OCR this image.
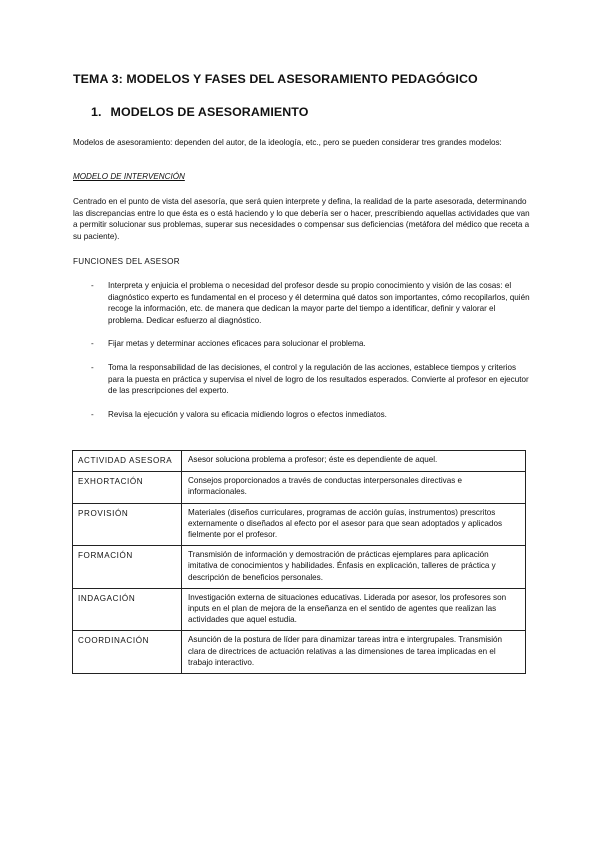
TEMA 3: MODELOS Y FASES DEL ASESORAMIENTO PEDAGÓGICO
1. MODELOS DE ASESORAMIENTO
Modelos de asesoramiento: dependen del autor, de la ideología, etc., pero se pueden considerar tres grandes modelos:
MODELO DE INTERVENCIÓN
Centrado en el punto de vista del asesoría, que será quien interprete y defina, la realidad de la parte asesorada, determinando las discrepancias entre lo que ésta es o está haciendo y lo que debería ser o hacer, prescribiendo aquellas actividades que van a permitir solucionar sus problemas, superar sus necesidades o compensar sus deficiencias (metáfora del médico que receta a su paciente).
FUNCIONES DEL ASESOR
- Interpreta y enjuicia el problema o necesidad del profesor desde su propio conocimiento y visión de las cosas: el diagnóstico experto es fundamental en el proceso y él determina qué datos son importantes, cómo recopilarlos, quién recoge la información, etc. de manera que dedican la mayor parte del tiempo a identificar, definir y valorar el problema. Dedicar esfuerzo al diagnóstico.
- Fijar metas y determinar acciones eficaces para solucionar el problema.
- Toma la responsabilidad de las decisiones, el control y la regulación de las acciones, establece tiempos y criterios para la puesta en práctica y supervisa el nivel de logro de los resultados esperados. Convierte al profesor en ejecutor de las prescripciones del experto.
- Revisa la ejecución y valora su eficacia midiendo logros o efectos inmediatos.
ACTIVIDAD ASESORA	Asesor soluciona problema a profesor; éste es dependiente de aquel.
EXHORTACIÓN	Consejos proporcionados a través de conductas interpersonales directivas e informacionales.
PROVISIÓN	Materiales (diseños curriculares, programas de acción guías, instrumentos) prescritos externamente o diseñados al efecto por el asesor para que sean adoptados y aplicados fielmente por el profesor.
FORMACIÓN	Transmisión de información y demostración de prácticas ejemplares para aplicación imitativa de conocimientos y habilidades. Énfasis en explicación, talleres de práctica y descripción de beneficios personales.
INDAGACIÓN	Investigación externa de situaciones educativas. Liderada por asesor, los profesores son inputs en el plan de mejora de la enseñanza en el sentido de agentes que realizan las actividades que aquel estudia.
COORDINACIÓN	Asunción de la postura de líder para dinamizar tareas intra e intergrupales. Transmisión clara de directrices de actuación relativas a las dimensiones de tarea implicadas en el trabajo interactivo.
